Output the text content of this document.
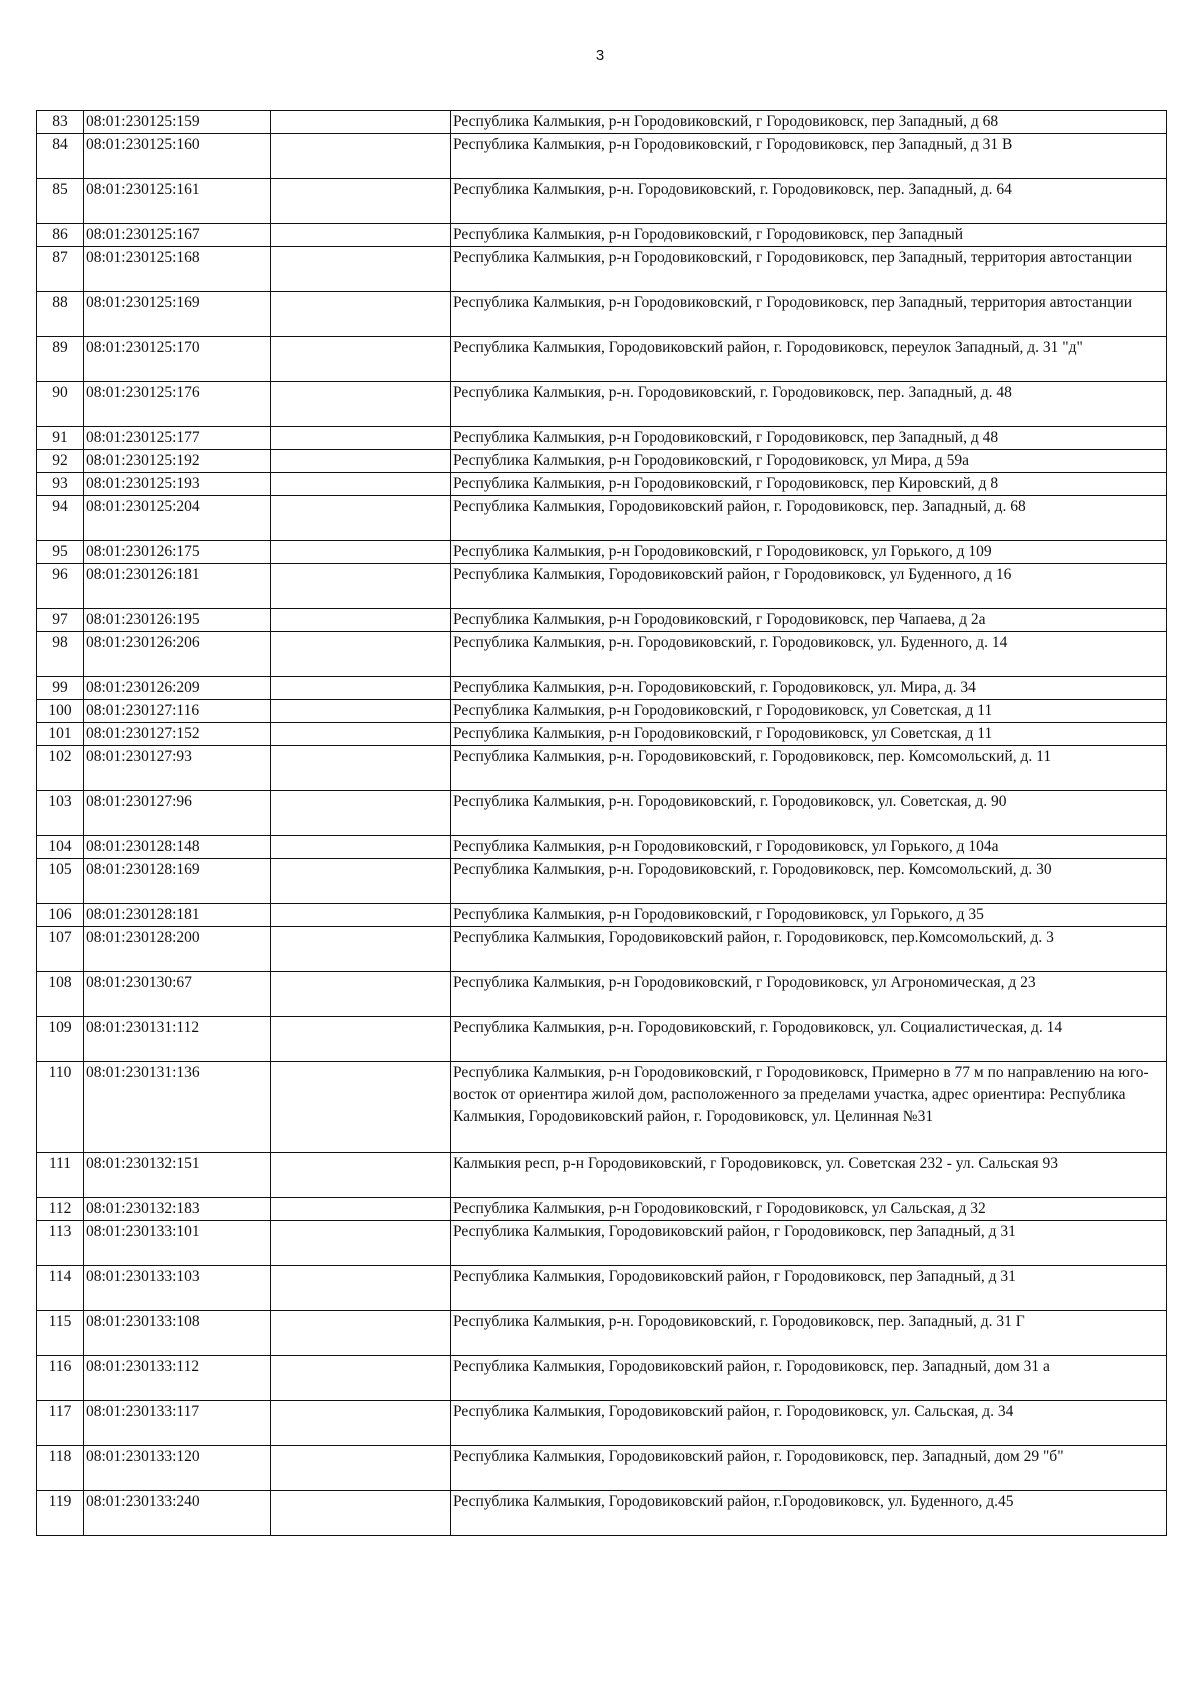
3
83	08:01:230125:159		Республика Калмыкия, р-н Городовиковский, г Городовиковск, пер Западный, д 68
84	08:01:230125:160		Республика Калмыкия, р-н Городовиковский, г Городовиковск, пер Западный, д 31 В
85	08:01:230125:161		Республика Калмыкия, р-н. Городовиковский, г. Городовиковск, пер. Западный, д. 64
86	08:01:230125:167		Республика Калмыкия, р-н Городовиковский, г Городовиковск, пер Западный
87	08:01:230125:168		Республика Калмыкия, р-н Городовиковский, г Городовиковск, пер Западный, территория автостанции
88	08:01:230125:169		Республика Калмыкия, р-н Городовиковский, г Городовиковск, пер Западный, территория автостанции
89	08:01:230125:170		Республика Калмыкия, Городовиковский район, г. Городовиковск, переулок Западный, д. 31 "д"
90	08:01:230125:176		Республика Калмыкия, р-н. Городовиковский, г. Городовиковск, пер. Западный, д. 48
91	08:01:230125:177		Республика Калмыкия, р-н Городовиковский, г Городовиковск, пер Западный, д 48
92	08:01:230125:192		Республика Калмыкия, р-н Городовиковский, г Городовиковск, ул Мира, д 59а
93	08:01:230125:193		Республика Калмыкия, р-н Городовиковский, г Городовиковск, пер Кировский, д 8
94	08:01:230125:204		Республика Калмыкия, Городовиковский район, г. Городовиковск, пер. Западный, д. 68
95	08:01:230126:175		Республика Калмыкия, р-н Городовиковский, г Городовиковск, ул Горького, д 109
96	08:01:230126:181		Республика Калмыкия, Городовиковский район, г Городовиковск, ул Буденного, д 16
97	08:01:230126:195		Республика Калмыкия, р-н Городовиковский, г Городовиковск, пер Чапаева, д 2а
98	08:01:230126:206		Республика Калмыкия, р-н. Городовиковский, г. Городовиковск, ул. Буденного, д. 14
99	08:01:230126:209		Республика Калмыкия, р-н. Городовиковский, г. Городовиковск, ул. Мира, д. 34
100	08:01:230127:116		Республика Калмыкия, р-н Городовиковский, г Городовиковск, ул Советская, д 11
101	08:01:230127:152		Республика Калмыкия, р-н Городовиковский, г Городовиковск, ул Советская, д 11
102	08:01:230127:93		Республика Калмыкия, р-н. Городовиковский, г. Городовиковск, пер. Комсомольский, д. 11
103	08:01:230127:96		Республика Калмыкия, р-н. Городовиковский, г. Городовиковск, ул. Советская, д. 90
104	08:01:230128:148		Республика Калмыкия, р-н Городовиковский, г Городовиковск, ул Горького, д 104а
105	08:01:230128:169		Республика Калмыкия, р-н. Городовиковский, г. Городовиковск, пер. Комсомольский, д. 30
106	08:01:230128:181		Республика Калмыкия, р-н Городовиковский, г Городовиковск, ул Горького, д 35
107	08:01:230128:200		Республика Калмыкия, Городовиковский район, г. Городовиковск, пер.Комсомольский, д. 3
108	08:01:230130:67		Республика Калмыкия, р-н Городовиковский, г Городовиковск, ул Агрономическая, д 23
109	08:01:230131:112		Республика Калмыкия, р-н. Городовиковский, г. Городовиковск, ул. Социалистическая, д. 14
110	08:01:230131:136		Республика Калмыкия, р-н Городовиковский, г Городовиковск, Примерно в 77 м по направлению на юго-восток от ориентира жилой дом, расположенного за пределами участка, адрес ориентира: Республика Калмыкия, Городовиковский район, г. Городовиковск, ул. Целинная №31
111	08:01:230132:151		Калмыкия респ, р-н Городовиковский, г Городовиковск, ул. Советская 232 - ул. Сальская 93
112	08:01:230132:183		Республика Калмыкия, р-н Городовиковский, г Городовиковск, ул Сальская, д 32
113	08:01:230133:101		Республика Калмыкия, Городовиковский район, г Городовиковск, пер Западный, д 31
114	08:01:230133:103		Республика Калмыкия, Городовиковский район, г Городовиковск, пер Западный, д 31
115	08:01:230133:108		Республика Калмыкия, р-н. Городовиковский, г. Городовиковск, пер. Западный, д. 31 Г
116	08:01:230133:112		Республика Калмыкия, Городовиковский район, г. Городовиковск, пер. Западный, дом 31 а
117	08:01:230133:117		Республика Калмыкия, Городовиковский район, г. Городовиковск, ул. Сальская, д. 34
118	08:01:230133:120		Республика Калмыкия, Городовиковский район, г. Городовиковск, пер. Западный, дом 29 "б"
119	08:01:230133:240		Республика Калмыкия, Городовиковский район, г.Городовиковск, ул. Буденного, д.45
